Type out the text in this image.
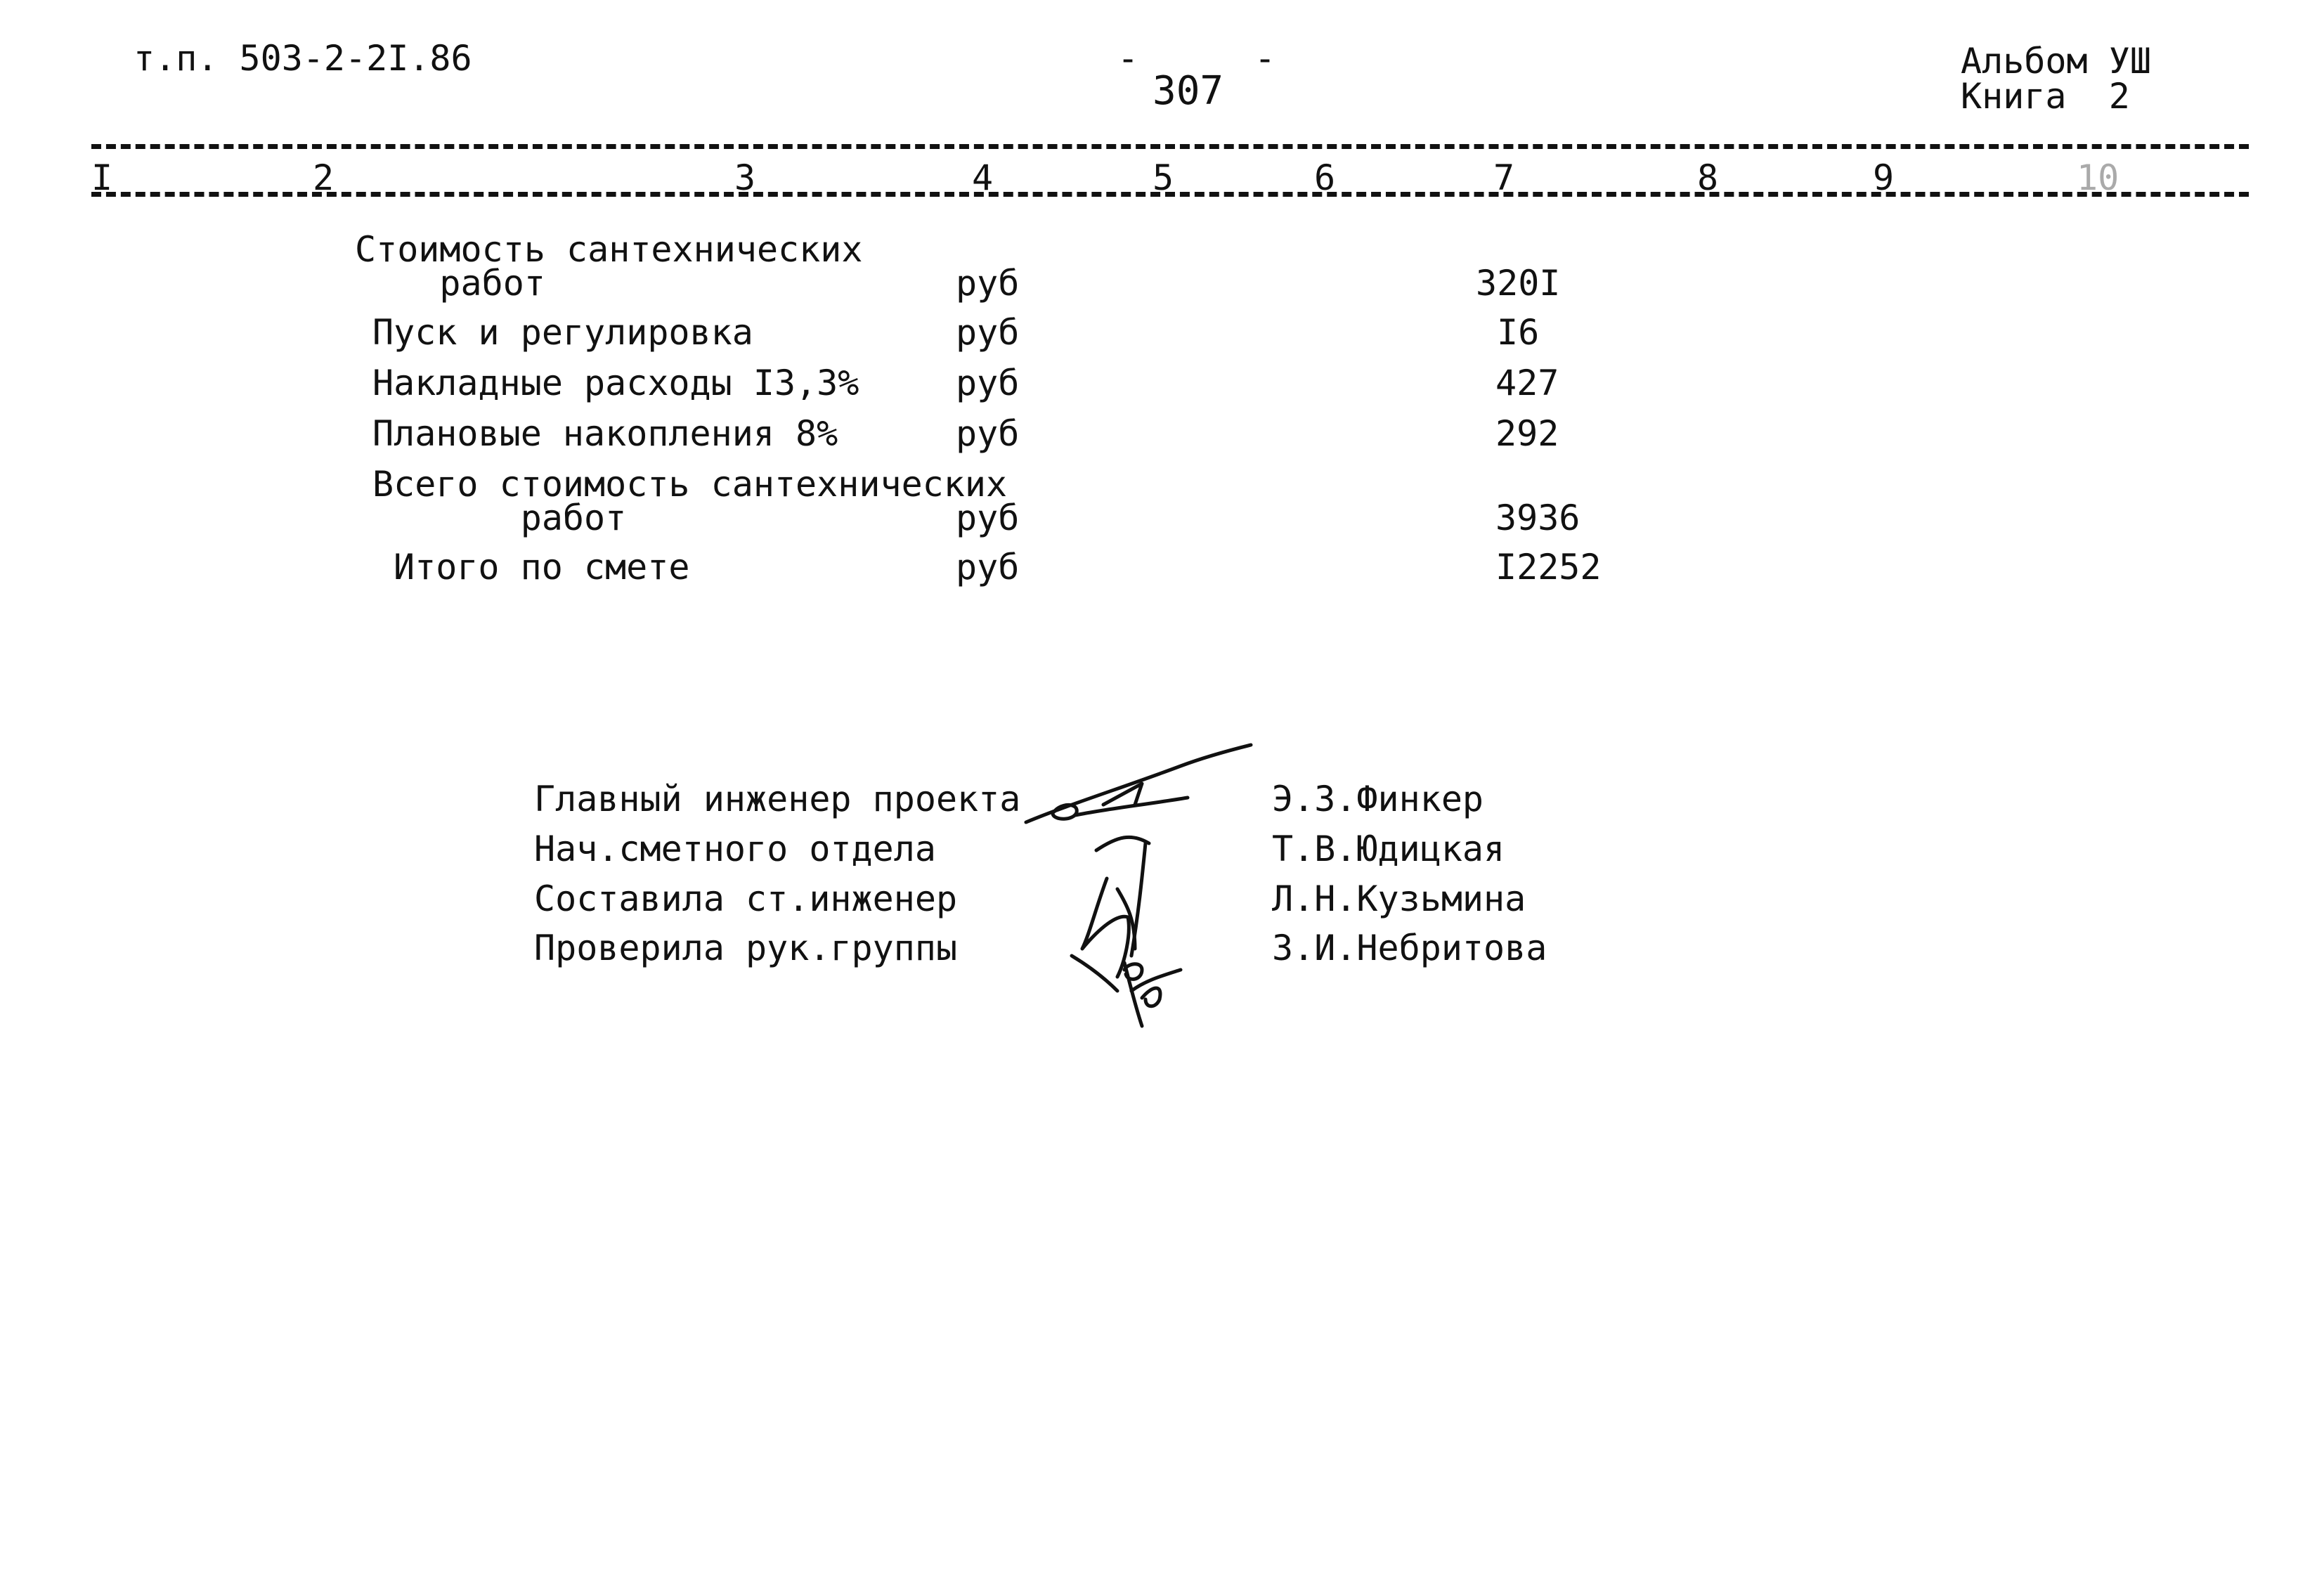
т.п. 503-2-2I.86	-
307
-	Альбом УШ
Книга  2
I	2	3	4	5	6	7	8	9	10
Стоимость сантехнических
работ	руб	320I
Пуск и регулировка	руб	I6
Накладные расходы I3,3%	руб	427
Плановые накопления 8%	руб	292
Всего стоимость сантехнических
работ	руб	3936
Итого по смете	руб	I2252
Главный инженер проекта	Э.З.Финкер
Нач.сметного отдела	Т.В.Юдицкая
Составила ст.инженер	Л.Н.Кузьмина
Проверила рук.группы	З.И.Небритова
